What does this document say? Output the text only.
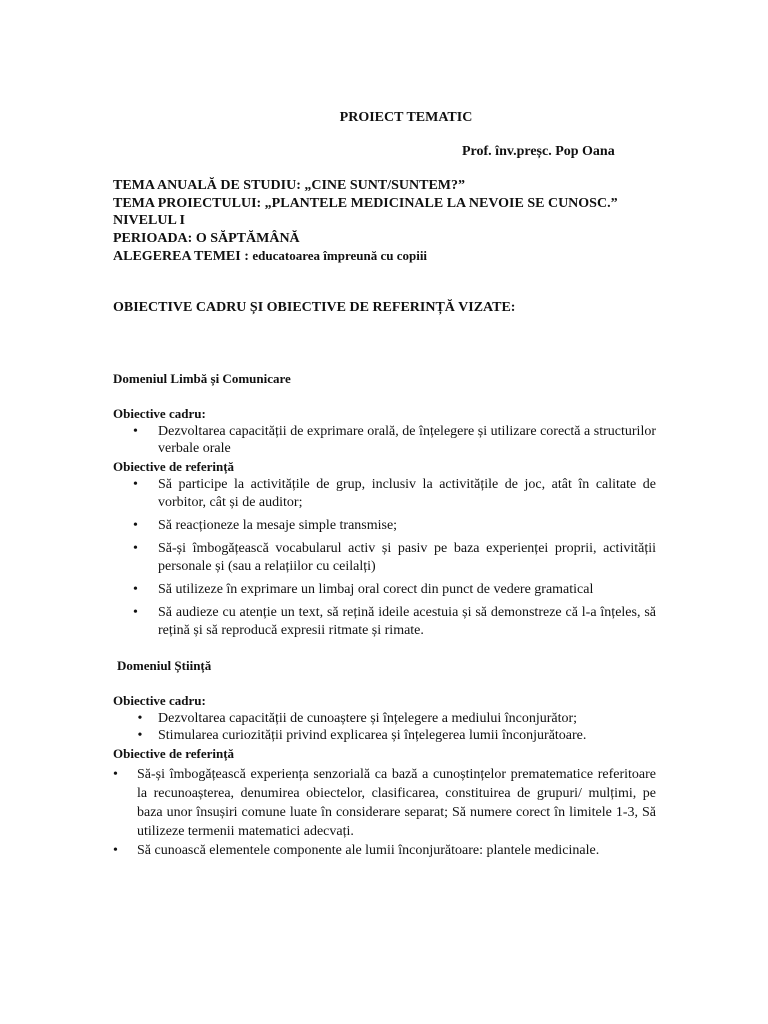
PROIECT TEMATIC

Prof. înv.preșc. Pop Oana

TEMA ANUALĂ DE STUDIU: „CINE SUNT/SUNTEM?”

TEMA PROIECTULUI: „PLANTELE MEDICINALE LA NEVOIE SE CUNOSC.”

NIVELUL I

PERIOADA: O SĂPTĂMÂNĂ

ALEGEREA TEMEI : educatoarea împreună cu copiii

OBIECTIVE CADRU ȘI OBIECTIVE DE REFERINȚĂ VIZATE:

Domeniul Limbă și Comunicare

Obiective cadru:

•	Dezvoltarea capacității de exprimare orală, de înțelegere și utilizare corectă a structurilor verbale orale

Obiective de referință

•	Să participe la activitățile de grup, inclusiv la activitățile de joc, atât în calitate de vorbitor, cât și de auditor;
•	Să reacționeze la mesaje simple transmise;
•	Să-și îmbogățească vocabularul activ și pasiv pe baza experienței proprii, activității personale și (sau a relațiilor cu ceilalți)
•	Să utilizeze în exprimare un limbaj oral corect din punct de vedere gramatical
•	Să audieze cu atenție un text, să rețină ideile acestuia și să demonstreze că l-a înțeles, să rețină și să reproducă expresii ritmate și rimate.

Domeniul Știință

Obiective cadru:

•	Dezvoltarea capacității de cunoaștere și înțelegere a mediului înconjurător;
•	Stimularea curiozității privind explicarea și înțelegerea lumii înconjurătoare.

Obiective de referință

•	Să-și îmbogățească experiența senzorială ca bază a cunoștințelor prematematice referitoare la recunoașterea, denumirea obiectelor, clasificarea, constituirea de grupuri/ mulțimi, pe baza unor însușiri comune luate în considerare separat; Să numere corect în limitele 1-3, Să utilizeze termenii matematici adecvați.
•	Să cunoască elementele componente ale lumii înconjurătoare: plantele medicinale.
